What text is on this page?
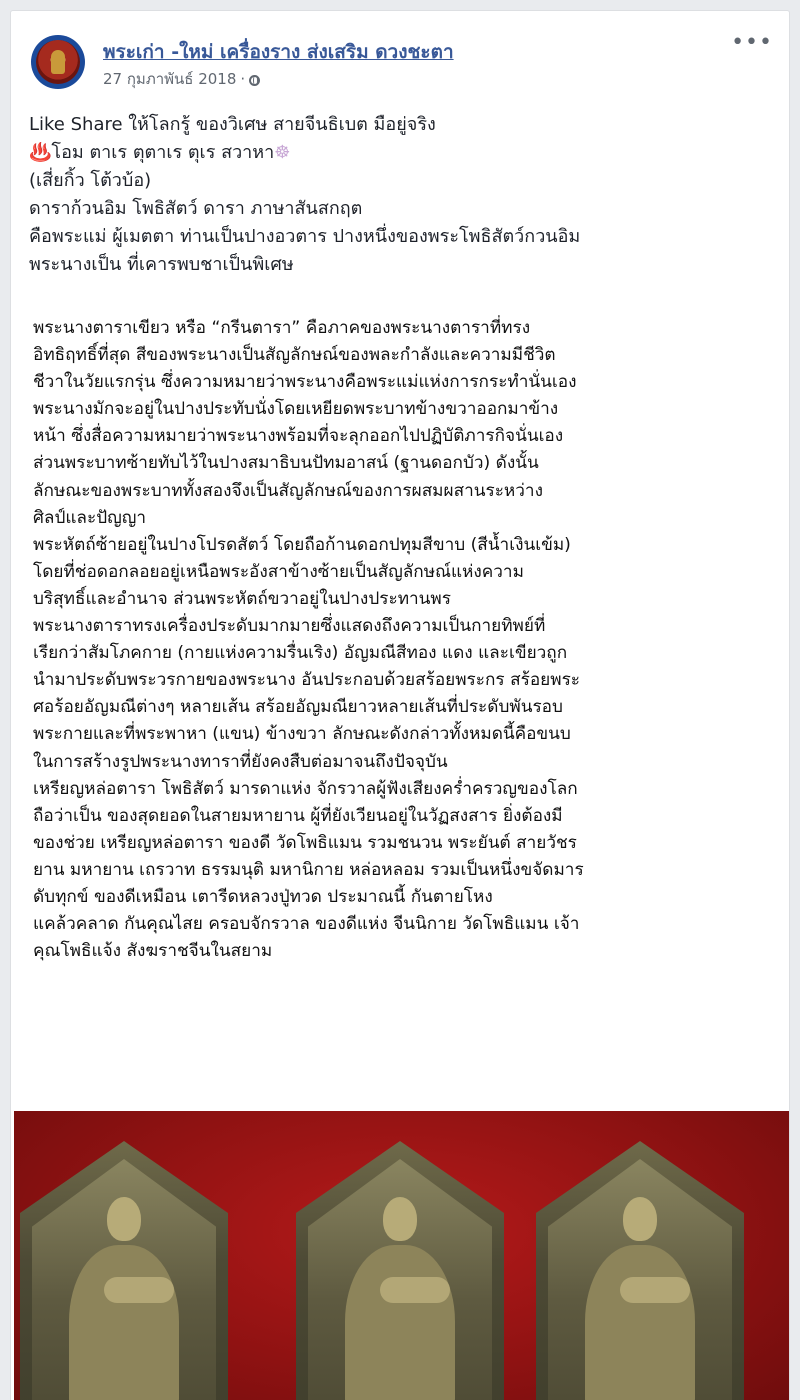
พระเก่า -ใหม่ เครื่องราง ส่งเสริม ดวงชะตา
27 กุมภาพันธ์ 2018 ·
•••
Like Share ให้โลกรู้ ของวิเศษ สายจีนธิเบต มือยู่จริง
♨️โอม ตาเร ตุตาเร ตุเร สวาหา☸
(เสี่ยกิ้ว โต้วบ้อ)
ดาราก้วนอิม โพธิสัตว์ ดารา ภาษาสันสกฤต
คือพระแม่ ผู้เมตตา ท่านเป็นปางอวตาร ปางหนึ่งของพระโพธิสัตว์กวนอิม
พระนางเป็น ที่เคารพบชาเป็นพิเศษ
พระนางตาราเขียว หรือ “กรีนตารา” คือภาคของพระนางตาราที่ทรง
อิทธิฤทธิ์ที่สุด สีของพระนางเป็นสัญลักษณ์ของพละกำลังและความมีชีวิต
ชีวาในวัยแรกรุ่น ซึ่งความหมายว่าพระนางคือพระแม่แห่งการกระทำนั่นเอง
พระนางมักจะอยู่ในปางประทับนั่งโดยเหยียดพระบาทข้างขวาออกมาข้าง
หน้า ซึ่งสื่อความหมายว่าพระนางพร้อมที่จะลุกออกไปปฏิบัติภารกิจนั่นเอง
ส่วนพระบาทซ้ายทับไว้ในปางสมาธิบนปัทมอาสน์ (ฐานดอกบัว) ดังนั้น
ลักษณะของพระบาททั้งสองจึงเป็นสัญลักษณ์ของการผสมผสานระหว่าง
ศิลป์และปัญญา
พระหัตถ์ซ้ายอยู่ในปางโปรดสัตว์ โดยถือก้านดอกปทุมสีขาบ (สีน้ำเงินเข้ม)
โดยที่ช่อดอกลอยอยู่เหนือพระอังสาข้างซ้ายเป็นสัญลักษณ์แห่งความ
บริสุทธิ์และอำนาจ ส่วนพระหัตถ์ขวาอยู่ในปางประทานพร
พระนางตาราทรงเครื่องประดับมากมายซึ่งแสดงถึงความเป็นกายทิพย์ที่
เรียกว่าสัมโภคกาย (กายแห่งความรื่นเริง) อัญมณีสีทอง แดง และเขียวถูก
นำมาประดับพระวรกายของพระนาง อันประกอบด้วยสร้อยพระกร สร้อยพระ
ศอร้อยอัญมณีต่างๆ หลายเส้น สร้อยอัญมณียาวหลายเส้นที่ประดับพันรอบ
พระกายและที่พระพาหา (แขน) ข้างขวา ลักษณะดังกล่าวทั้งหมดนี้คือขนบ
ในการสร้างรูปพระนางทาราที่ยังคงสืบต่อมาจนถึงปัจจุบัน
เหรียญหล่อตารา โพธิสัตว์ มารดาแห่ง จักรวาลผู้ฟังเสียงคร่ำครวญของโลก
ถือว่าเป็น ของสุดยอดในสายมหายาน ผู้ที่ยังเวียนอยู่ในวัฏสงสาร ยิ่งต้องมี
ของช่วย เหรียญหล่อตารา ของดี วัดโพธิแมน รวมชนวน พระยันต์ สายวัชร
ยาน มหายาน เถรวาท ธรรมนุติ มหานิกาย หล่อหลอม รวมเป็นหนึ่งขจัดมาร
ดับทุกข์ ของดีเหมือน เตารีดหลวงปู่ทวด ประมาณนี้ กันตายโหง
แคล้วคลาด กันคุณไสย ครอบจักรวาล ของดีแห่ง จีนนิกาย วัดโพธิแมน เจ้า
คุณโพธิแจ้ง สังฆราชจีนในสยาม
